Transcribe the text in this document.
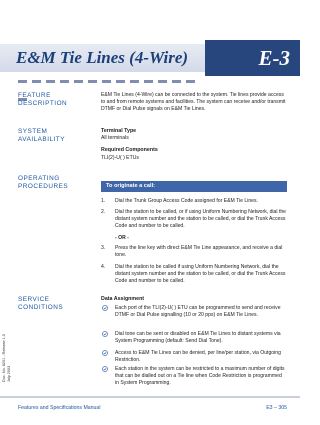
E&M Tie Lines (4-Wire)	E-3
FEATURE
DESCRIPTION
E&M Tie Lines (4-Wire) can be connected to the system. Tie lines provide access to and from remote systems and facilities. The system can receive and/or transmit DTMF or Dial Pulse signals on E&M Tie Lines.
SYSTEM
AVAILABILITY
Terminal Type
All terminals
Required Components
TLI(2)-U( ) ETUs
OPERATING
PROCEDURES	To originate a call:
1. Dial the Trunk Group Access Code assigned for E&M Tie Lines.
2. Dial the station to be called, or if using Uniform Numbering Network, dial the distant system number and the station to be called, or dial the Trunk Access Code and number to be called.
- OR -
3. Press the line key with direct E&M Tie Line appearance, and receive a dial tone.
4. Dial the station to be called if using Uniform Numbering Network, dial the distant system number and the station to be called, or dial the Trunk Access Code and number to be called.
SERVICE
CONDITIONS
Data Assignment
Each port of the TLI(2)-U( ) ETU can be programmed to send and receive DTMF or Dial Pulse signalling (10 or 20 pps) on E&M Tie Lines.
Dial tone can be sent or disabled on E&M Tie Lines to distant systems via System Programming (default: Send Dial Tone).
Access to E&M Tie Lines can be denied, per line/per station, via Outgoing Restriction.
Each station in the system can be restricted to a maximum number of digits that can be dialled out on a Tie line when Code Restriction is programmed in System Programming.
Doc. No. 8201 - Release 1.0
July 2003
Features and Specifications Manual	E3 – 305
